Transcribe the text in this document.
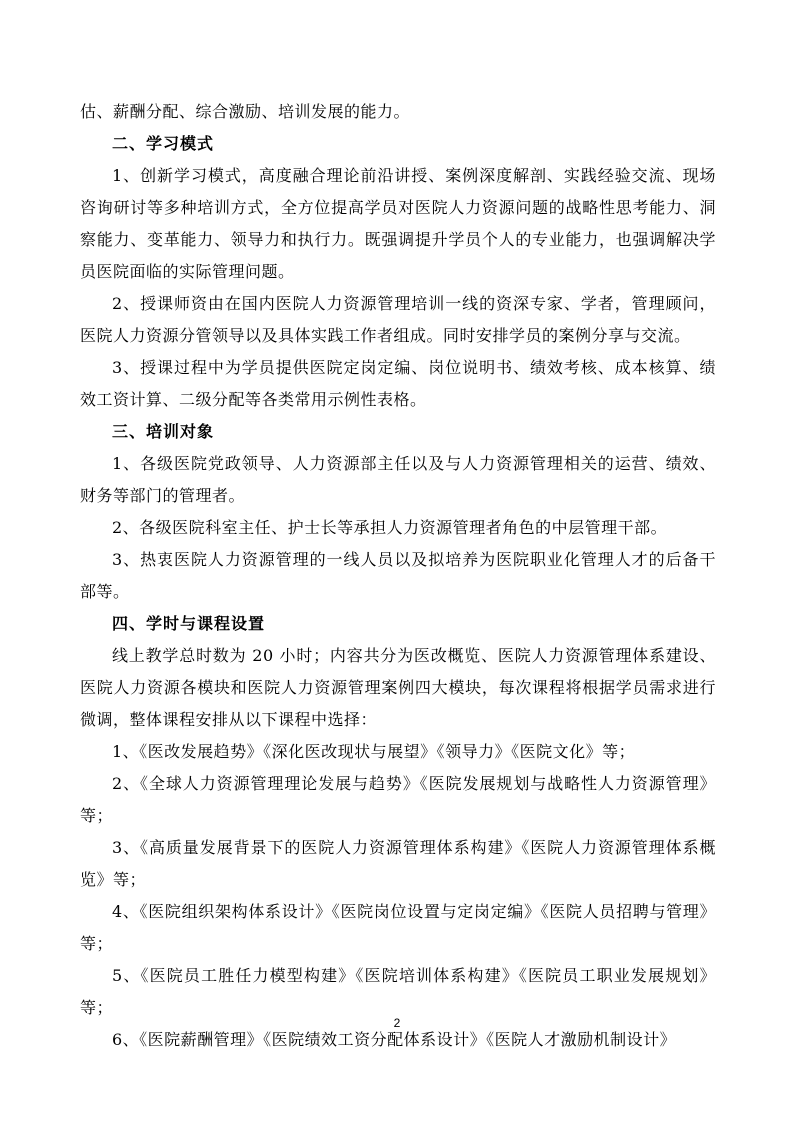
估、薪酬分配、综合激励、培训发展的能力。

二、学习模式

1、创新学习模式，高度融合理论前沿讲授、案例深度解剖、实践经验交流、现场咨询研讨等多种培训方式，全方位提高学员对医院人力资源问题的战略性思考能力、洞察能力、变革能力、领导力和执行力。既强调提升学员个人的专业能力，也强调解决学员医院面临的实际管理问题。

2、授课师资由在国内医院人力资源管理培训一线的资深专家、学者，管理顾问，医院人力资源分管领导以及具体实践工作者组成。同时安排学员的案例分享与交流。

3、授课过程中为学员提供医院定岗定编、岗位说明书、绩效考核、成本核算、绩效工资计算、二级分配等各类常用示例性表格。

三、培训对象

1、各级医院党政领导、人力资源部主任以及与人力资源管理相关的运营、绩效、财务等部门的管理者。

2、各级医院科室主任、护士长等承担人力资源管理者角色的中层管理干部。

3、热衷医院人力资源管理的一线人员以及拟培养为医院职业化管理人才的后备干部等。

四、学时与课程设置

线上教学总时数为 20 小时；内容共分为医改概览、医院人力资源管理体系建设、医院人力资源各模块和医院人力资源管理案例四大模块，每次课程将根据学员需求进行微调，整体课程安排从以下课程中选择：

1、《医改发展趋势》《深化医改现状与展望》《领导力》《医院文化》等；

2、《全球人力资源管理理论发展与趋势》《医院发展规划与战略性人力资源管理》等；

3、《高质量发展背景下的医院人力资源管理体系构建》《医院人力资源管理体系概览》等；

4、《医院组织架构体系设计》《医院岗位设置与定岗定编》《医院人员招聘与管理》等；

5、《医院员工胜任力模型构建》《医院培训体系构建》《医院员工职业发展规划》等；

6、《医院薪酬管理》《医院绩效工资分配体系设计》《医院人才激励机制设计》

2
